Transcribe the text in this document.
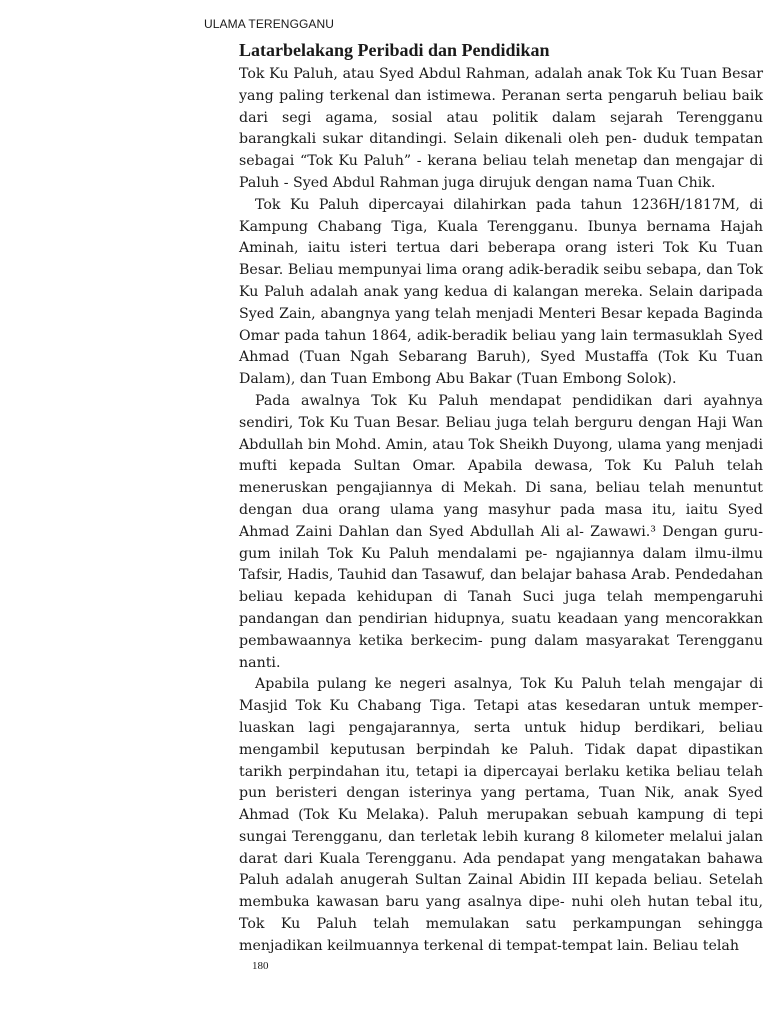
ULAMA TERENGGANU

Latarbelakang Peribadi dan Pendidikan

Tok Ku Paluh, atau Syed Abdul Rahman, adalah anak Tok Ku Tuan Besar yang paling terkenal dan istimewa. Peranan serta pengaruh beliau baik dari segi agama, sosial atau politik dalam sejarah Terengganu barangkali sukar ditandingi. Selain dikenali oleh pen- duduk tempatan sebagai “Tok Ku Paluh” - kerana beliau telah menetap dan mengajar di Paluh - Syed Abdul Rahman juga dirujuk dengan nama Tuan Chik.

Tok Ku Paluh dipercayai dilahirkan pada tahun 1236H/1817M, di Kampung Chabang Tiga, Kuala Terengganu. Ibunya bernama Hajah Aminah, iaitu isteri tertua dari beberapa orang isteri Tok Ku Tuan Besar. Beliau mempunyai lima orang adik-beradik seibu sebapa, dan Tok Ku Paluh adalah anak yang kedua di kalangan mereka. Selain daripada Syed Zain, abangnya yang telah menjadi Menteri Besar kepada Baginda Omar pada tahun 1864, adik-beradik beliau yang lain termasuklah Syed Ahmad (Tuan Ngah Sebarang Baruh), Syed Mustaffa (Tok Ku Tuan Dalam), dan Tuan Embong Abu Bakar (Tuan Embong Solok).

Pada awalnya Tok Ku Paluh mendapat pendidikan dari ayahnya sendiri, Tok Ku Tuan Besar. Beliau juga telah berguru dengan Haji Wan Abdullah bin Mohd. Amin, atau Tok Sheikh Duyong, ulama yang menjadi mufti kepada Sultan Omar. Apabila dewasa, Tok Ku Paluh telah meneruskan pengajiannya di Mekah. Di sana, beliau telah menuntut dengan dua orang ulama yang masyhur pada masa itu, iaitu Syed Ahmad Zaini Dahlan dan Syed Abdullah Ali al- Zawawi.³ Dengan guru-gum inilah Tok Ku Paluh mendalami pe- ngajiannya dalam ilmu-ilmu Tafsir, Hadis, Tauhid dan Tasawuf, dan belajar bahasa Arab. Pendedahan beliau kepada kehidupan di Tanah Suci juga telah mempengaruhi pandangan dan pendirian hidupnya, suatu keadaan yang mencorakkan pembawaannya ketika berkecim- pung dalam masyarakat Terengganu nanti.

Apabila pulang ke negeri asalnya, Tok Ku Paluh telah mengajar di Masjid Tok Ku Chabang Tiga. Tetapi atas kesedaran untuk memper- luaskan lagi pengajarannya, serta untuk hidup berdikari, beliau mengambil keputusan berpindah ke Paluh. Tidak dapat dipastikan tarikh perpindahan itu, tetapi ia dipercayai berlaku ketika beliau telah pun beristeri dengan isterinya yang pertama, Tuan Nik, anak Syed Ahmad (Tok Ku Melaka). Paluh merupakan sebuah kampung di tepi sungai Terengganu, dan terletak lebih kurang 8 kilometer melalui jalan darat dari Kuala Terengganu. Ada pendapat yang mengatakan bahawa Paluh adalah anugerah Sultan Zainal Abidin III kepada beliau. Setelah membuka kawasan baru yang asalnya dipe- nuhi oleh hutan tebal itu, Tok Ku Paluh telah memulakan satu perkampungan sehingga menjadikan keilmuannya terkenal di tempat-tempat lain. Beliau telah

180
